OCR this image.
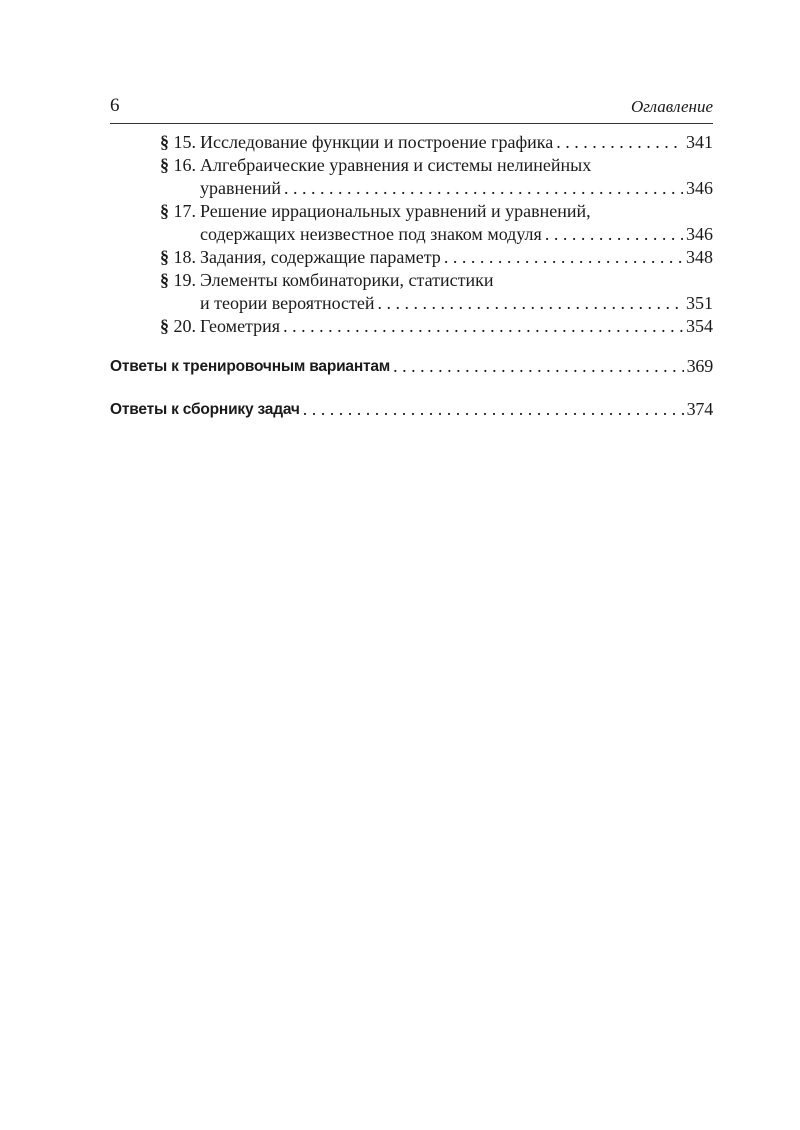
6	Оглавление
§ 15. Исследование функции и построение графика . . .	341
§ 16. Алгебраические уравнения и системы нелинейных
уравнений . . .	346
§ 17. Решение иррациональных уравнений и уравнений,
содержащих неизвестное под знаком модуля . . .	346
§ 18. Задания, содержащие параметр . . .	348
§ 19. Элементы комбинаторики, статистики
и теории вероятностей . . .	351
§ 20. Геометрия . . .	354
Ответы к тренировочным вариантам . . .	369
Ответы к сборнику задач . . .	374
